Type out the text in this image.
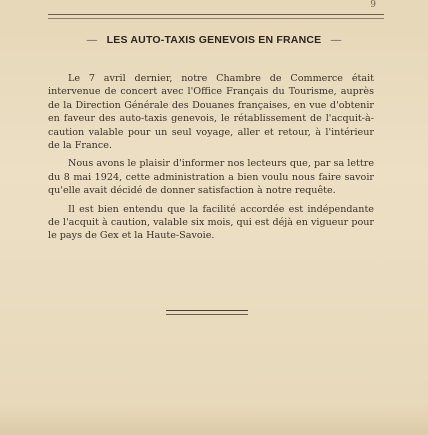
9
— LES AUTO-TAXIS GENEVOIS EN FRANCE —

Le 7 avril dernier, notre Chambre de Commerce était intervenue de concert avec l'Office Français du Tourisme, auprès de la Direction Générale des Douanes françaises, en vue d'obtenir en faveur des auto-taxis genevois, le rétablissement de l'acquit-à-caution valable pour un seul voyage, aller et retour, à l'intérieur de la France.

Nous avons le plaisir d'informer nos lecteurs que, par sa lettre du 8 mai 1924, cette administration a bien voulu nous faire savoir qu'elle avait décidé de donner satisfaction à notre requête.

Il est bien entendu que la facilité accordée est indépendante de l'acquit à caution, valable six mois, qui est déjà en vigueur pour le pays de Gex et la Haute-Savoie.
